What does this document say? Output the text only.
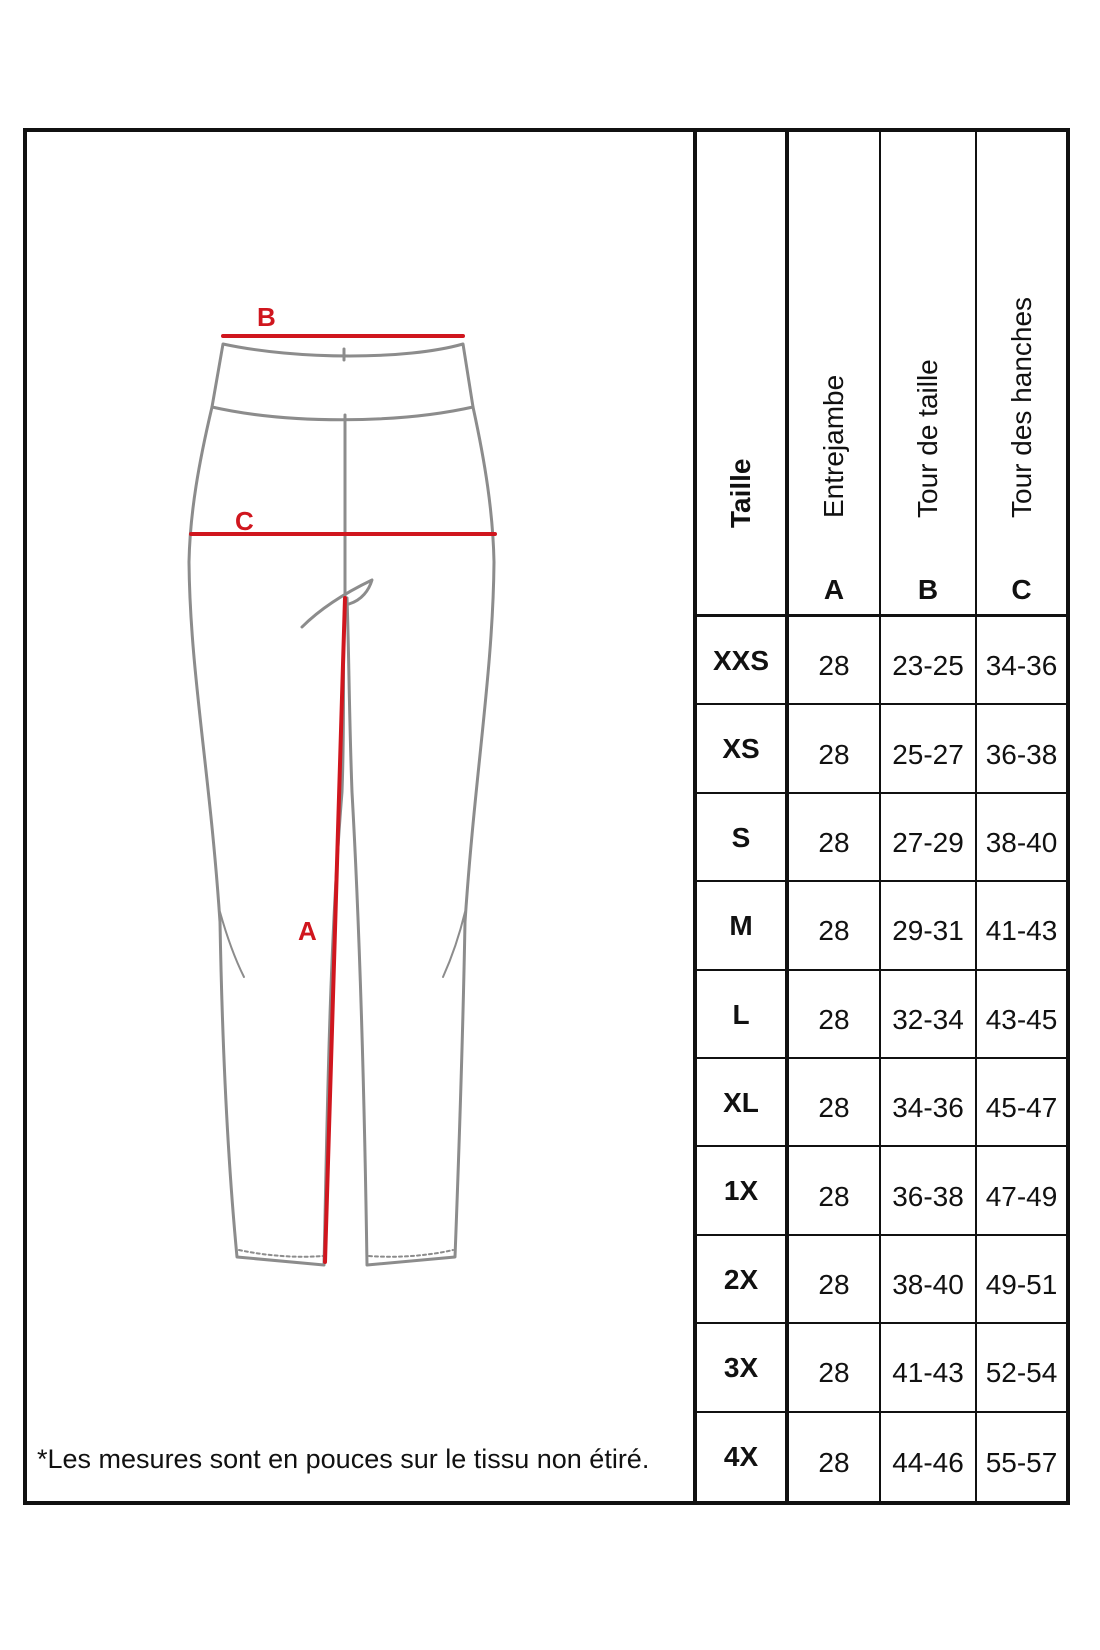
B
C
A
*Les mesures sont en pouces sur le tissu non étiré.
Taille Entrejambe
A
Tour de taille
B
Tour des hanches
C
XXS 28 23-25 34-36
XS 28 25-27 36-38
S 28 27-29 38-40
M 28 29-31 41-43
L 28 32-34 43-45
XL 28 34-36 45-47
1X 28 36-38 47-49
2X 28 38-40 49-51
3X 28 41-43 52-54
4X 28 44-46 55-57
